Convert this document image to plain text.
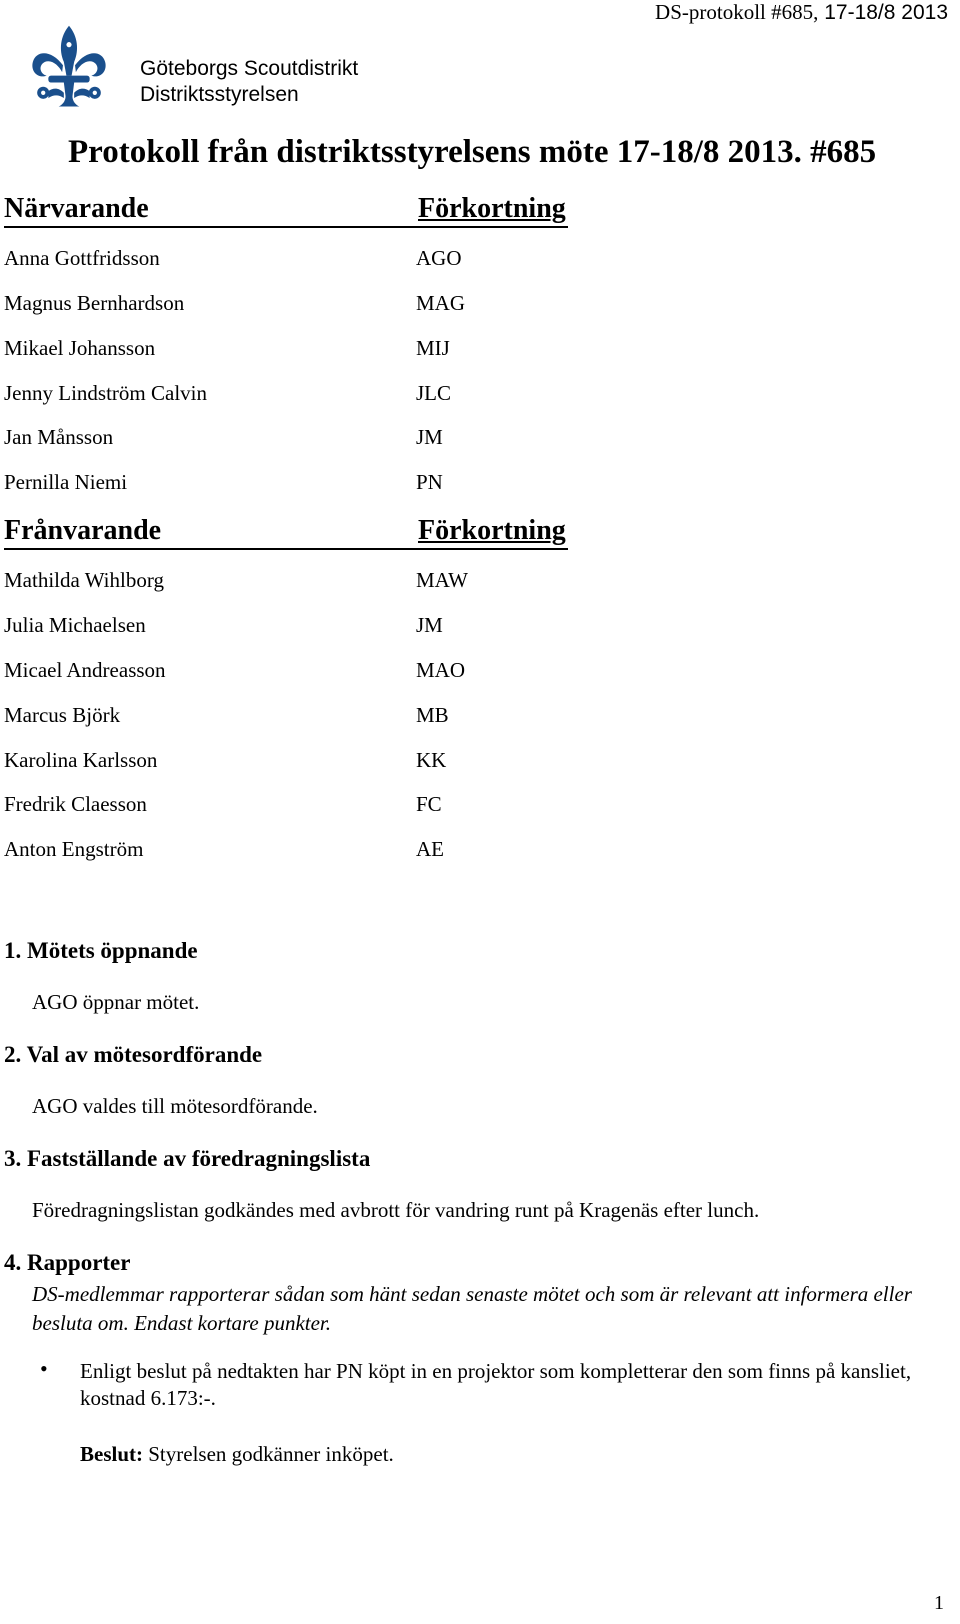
DS-protokoll #685, 17-18/8 2013
Göteborgs Scoutdistrikt
Distriktsstyrelsen
Protokoll från distriktsstyrelsens möte 17-18/8 2013. #685
Närvarande	Förkortning
Anna Gottfridsson	AGO
Magnus Bernhardson	MAG
Mikael Johansson	MIJ
Jenny Lindström Calvin	JLC
Jan Månsson	JM
Pernilla Niemi	PN
Frånvarande	Förkortning
Mathilda Wihlborg	MAW
Julia Michaelsen	JM
Micael Andreasson	MAO
Marcus Björk	MB
Karolina Karlsson	KK
Fredrik Claesson	FC
Anton Engström	AE
1. Mötets öppnande
AGO öppnar mötet.
2. Val av mötesordförande
AGO valdes till mötesordförande.
3. Fastställande av föredragningslista
Föredragningslistan godkändes med avbrott för vandring runt på Kragenäs efter lunch.
4. Rapporter
DS-medlemmar rapporterar sådan som hänt sedan senaste mötet och som är relevant att informera eller besluta om. Endast kortare punkter.
• Enligt beslut på nedtakten har PN köpt in en projektor som kompletterar den som finns på kansliet, kostnad 6.173:-.
Beslut: Styrelsen godkänner inköpet.
1
